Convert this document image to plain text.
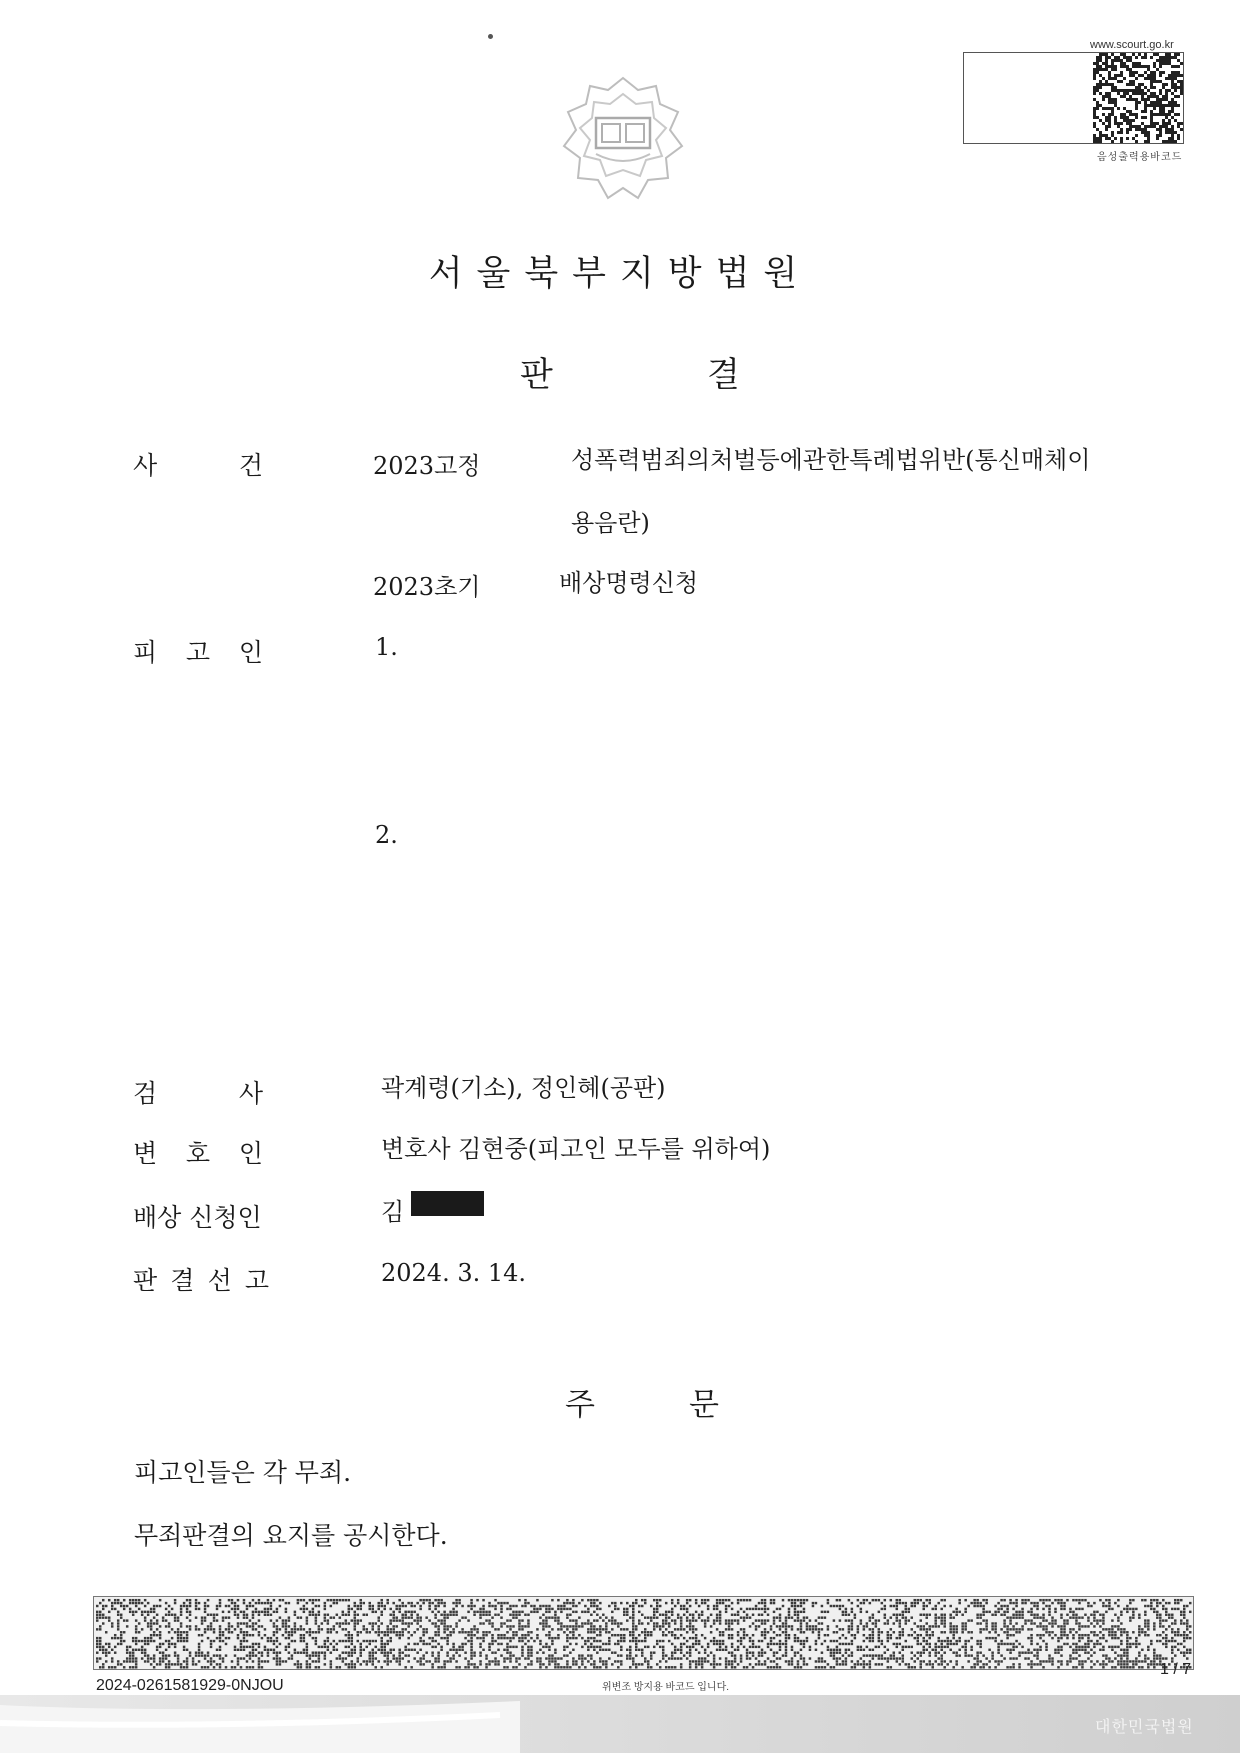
www.scourt.go.kr
음성출력용바코드
서울북부지방법원
판	결
사	건	2023고정	성폭력범죄의처벌등에관한특례법위반(통신매체이
용음란)
2023초기	배상명령신청
피 고 인	1.
2.
검	사	곽계령(기소), 정인혜(공판)
변 호 인	변호사 김현중(피고인 모두를 위하여)
배상 신청인	김
판 결 선 고	2024. 3. 14.
주	문
피고인들은 각 무죄.
무죄판결의 요지를 공시한다.
2024-0261581929-0NJOU	위변조 방지용 바코드 입니다.
1 / 7
대한민국법원
